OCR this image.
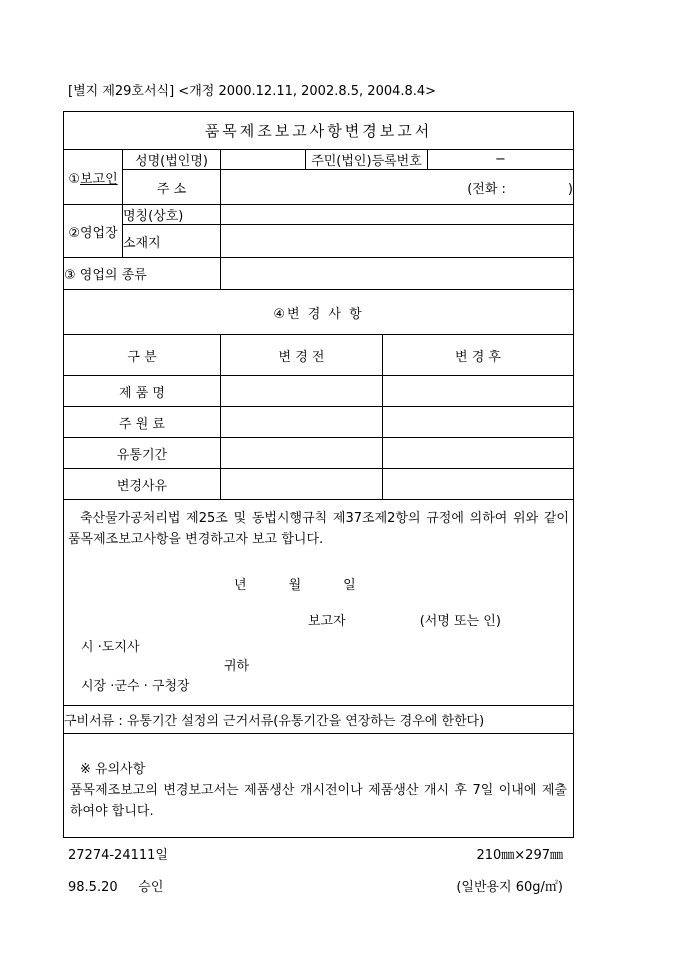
[별지 제29호서식] <개정 2000.12.11, 2002.8.5, 2004.8.4>
품목제조보고사항변경보고서					
①보고인	성명(법인명)		주민(법인)등록번호		−
	주 소	(전화 :               )			
②영업장	명칭(상호)				
	소재지				
③ 영업의 종류					
④변 경 사 항					
구 분		변 경 전		변 경 후	
제 품 명					
주 원 료					
유통기간					
변경사유					

축산물가공처리법 제25조 및 동법시행규칙 제37조제2항의 규정에 의하여 위와 같이 품목제조보고사항을 변경하고자 보고 합니다.
년	월	일
보고자	(서명 또는 인)
시 ·도지사
귀하
시장 ·군수 · 구청장

구비서류 : 유통기간 설정의 근거서류(유통기간을 연장하는 경우에 한한다)					

※ 유의사항
품목제조보고의 변경보고서는 제품생산 개시전이나 제품생산 개시 후 7일 이내에 제출하여야 합니다.					
27274-24111일	210㎜×297㎜
98.5.20     승인	(일반용지 60g/㎡)
